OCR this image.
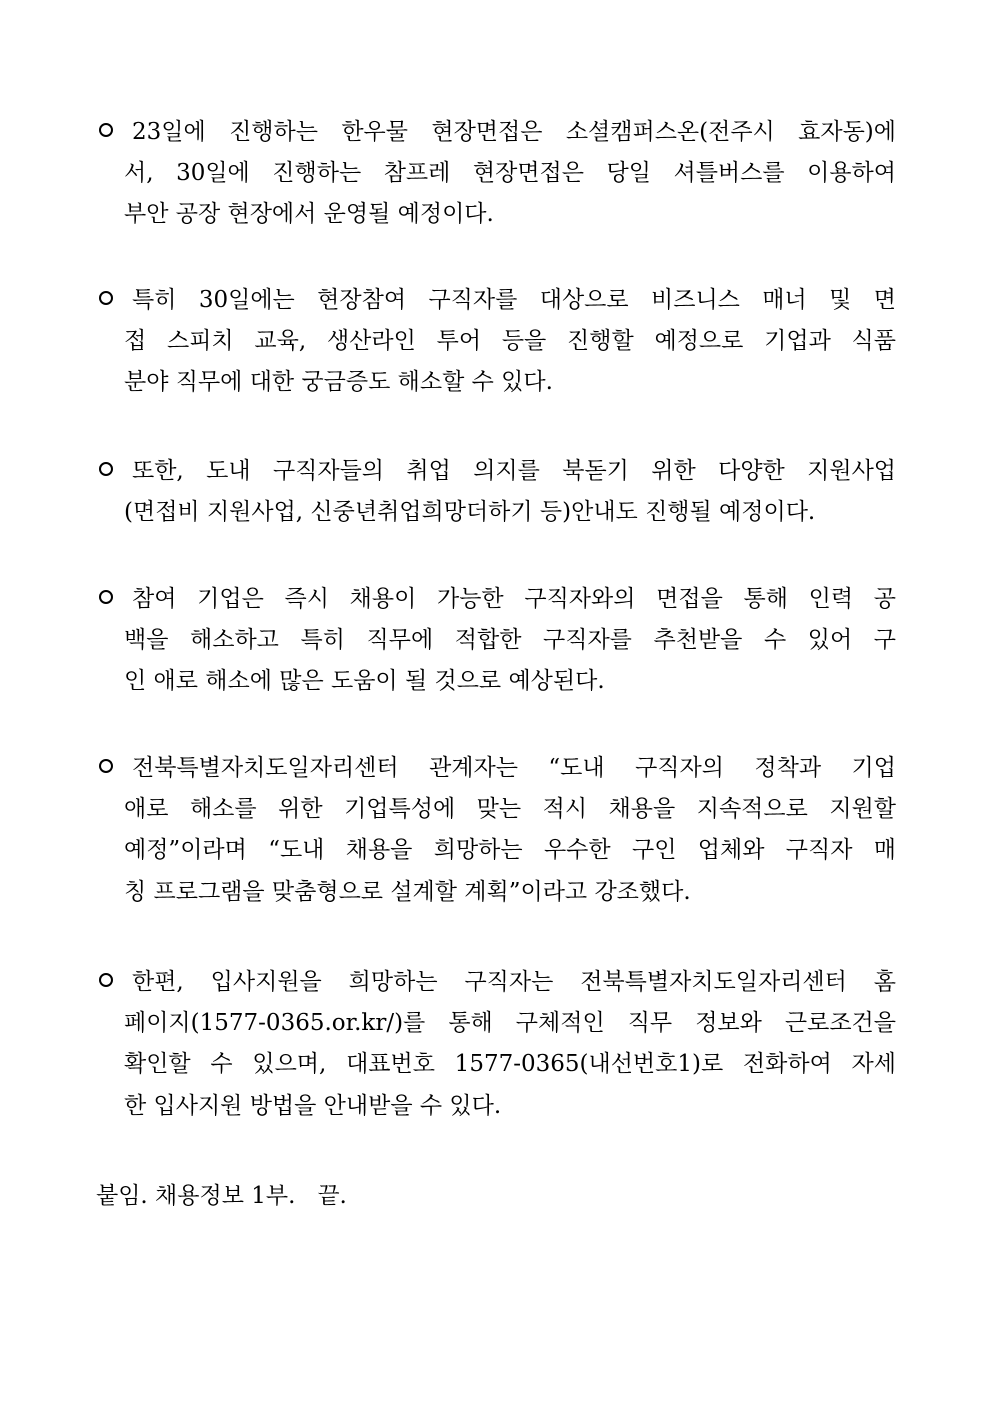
23일에 진행하는 한우물 현장면접은 소셜캠퍼스온(전주시 효자동)에
서, 30일에 진행하는 참프레 현장면접은 당일 셔틀버스를 이용하여
부안 공장 현장에서 운영될 예정이다.
특히 30일에는 현장참여 구직자를 대상으로 비즈니스 매너 및 면
접 스피치 교육, 생산라인 투어 등을 진행할 예정으로 기업과 식품
분야 직무에 대한 궁금증도 해소할 수 있다.
또한, 도내 구직자들의 취업 의지를 북돋기 위한 다양한 지원사업
(면접비 지원사업, 신중년취업희망더하기 등)안내도 진행될 예정이다.
참여 기업은 즉시 채용이 가능한 구직자와의 면접을 통해 인력 공
백을 해소하고 특히 직무에 적합한 구직자를 추천받을 수 있어 구
인 애로 해소에 많은 도움이 될 것으로 예상된다.
전북특별자치도일자리센터 관계자는 “도내 구직자의 정착과 기업
애로 해소를 위한 기업특성에 맞는 적시 채용을 지속적으로 지원할
예정”이라며 “도내 채용을 희망하는 우수한 구인 업체와 구직자 매
칭 프로그램을 맞춤형으로 설계할 계획”이라고 강조했다.
한편, 입사지원을 희망하는 구직자는 전북특별자치도일자리센터 홈
페이지(1577-0365.or.kr/)를 통해 구체적인 직무 정보와 근로조건을
확인할 수 있으며, 대표번호 1577-0365(내선번호1)로 전화하여 자세
한 입사지원 방법을 안내받을 수 있다.
붙임. 채용정보 1부.   끝.
